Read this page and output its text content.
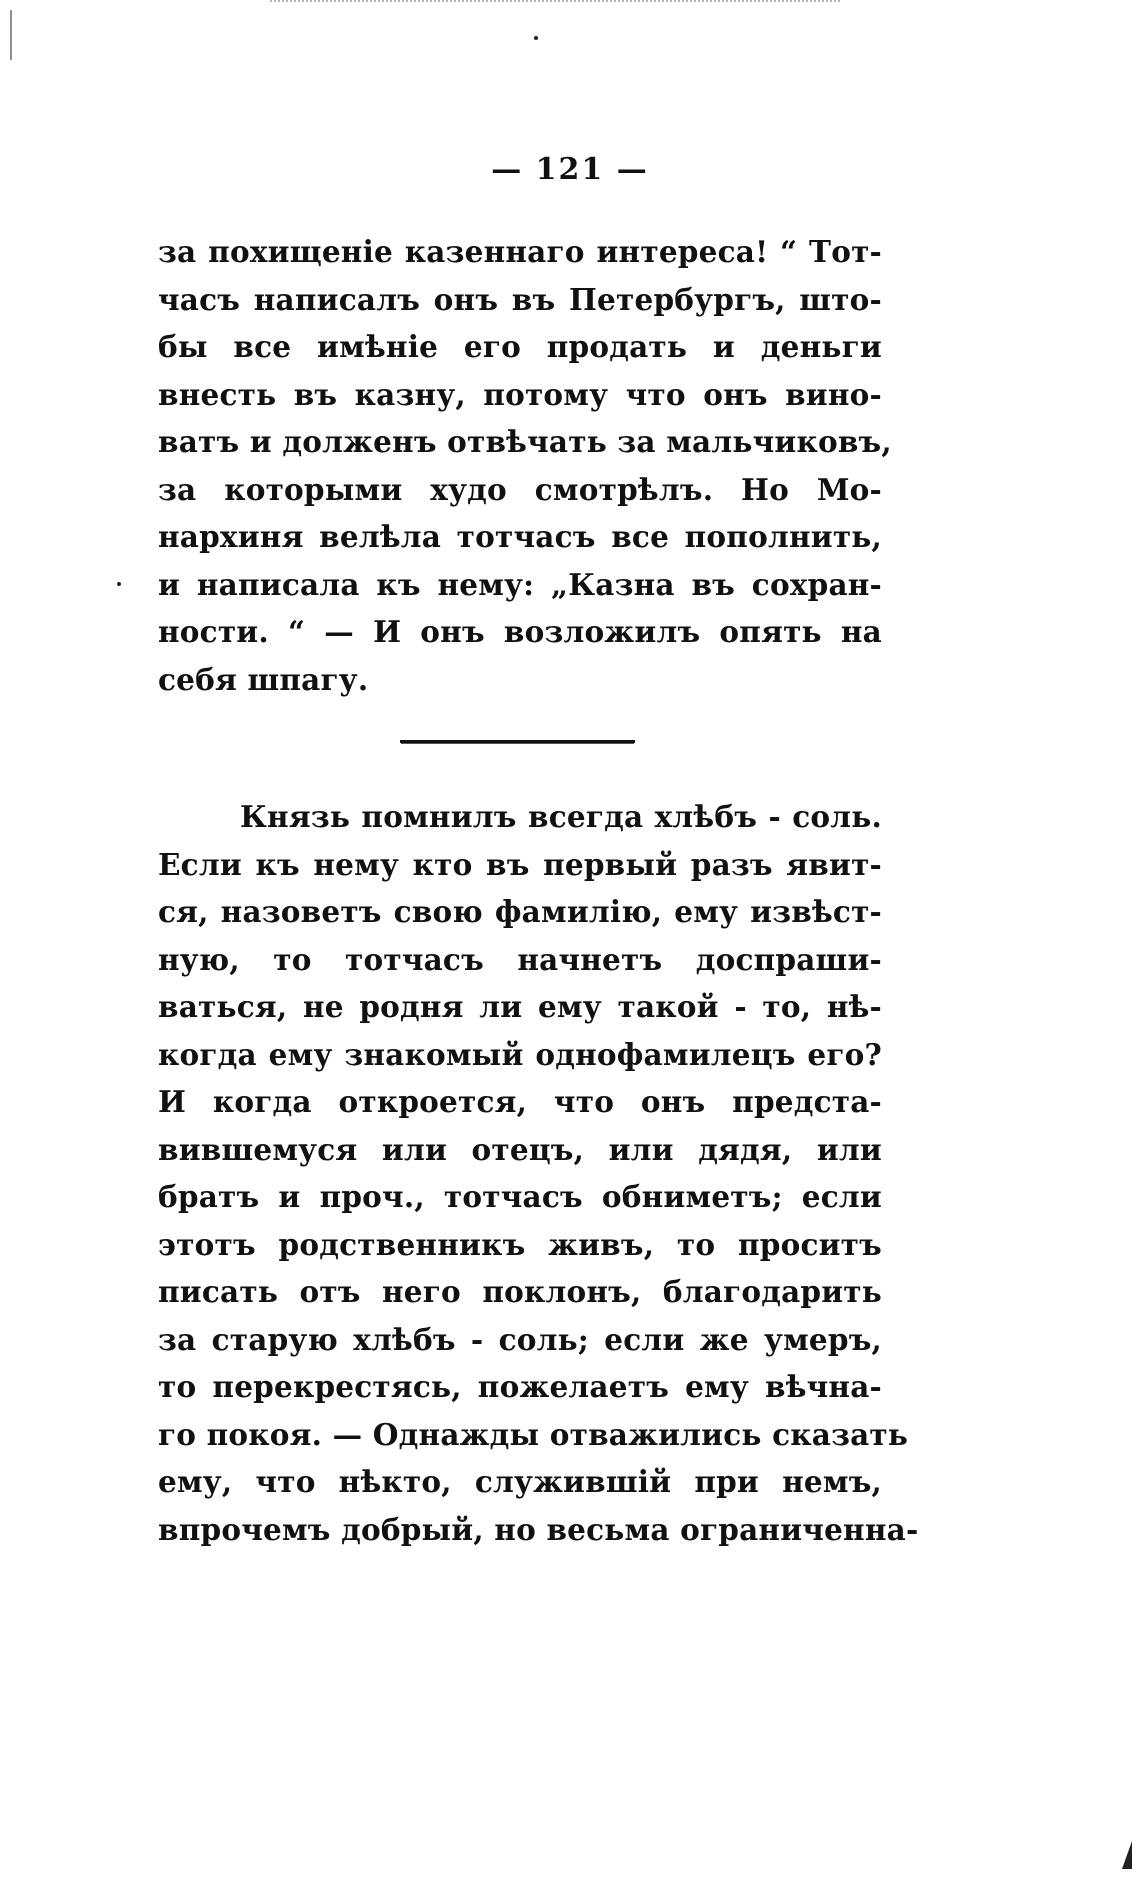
— 121 —
за похищеніе казеннаго интереса! “ Тот-
часъ написалъ онъ въ Петербургъ, што-
бы все имѣніе его продать и деньги
внесть въ казну, потому что онъ вино-
ватъ и долженъ отвѣчать за мальчиковъ,
за которыми худо смотрѣлъ. Но Мо-
нархиня велѣла тотчасъ все пополнить,
и написала къ нему: „Казна въ сохран-
ности. “ — И онъ возложилъ опять на
себя шпагу.
Князь помнилъ всегда хлѣбъ - соль.
Если къ нему кто въ первый разъ явит-
ся, назоветъ свою фамилію, ему извѣст-
ную, то тотчасъ начнетъ доспраши-
ваться, не родня ли ему такой - то, нѣ-
когда ему знакомый однофамилецъ его?
И когда откроется, что онъ предста-
вившемуся или отецъ, или дядя, или
братъ и проч., тотчасъ обниметъ; если
этотъ родственникъ живъ, то проситъ
писать отъ него поклонъ, благодарить
за старую хлѣбъ - соль; если же умеръ,
то перекрестясь, пожелаетъ ему вѣчна-
го покоя. — Однажды отважились сказать
ему, что нѣкто, служившій при немъ,
впрочемъ добрый, но весьма ограниченна-
